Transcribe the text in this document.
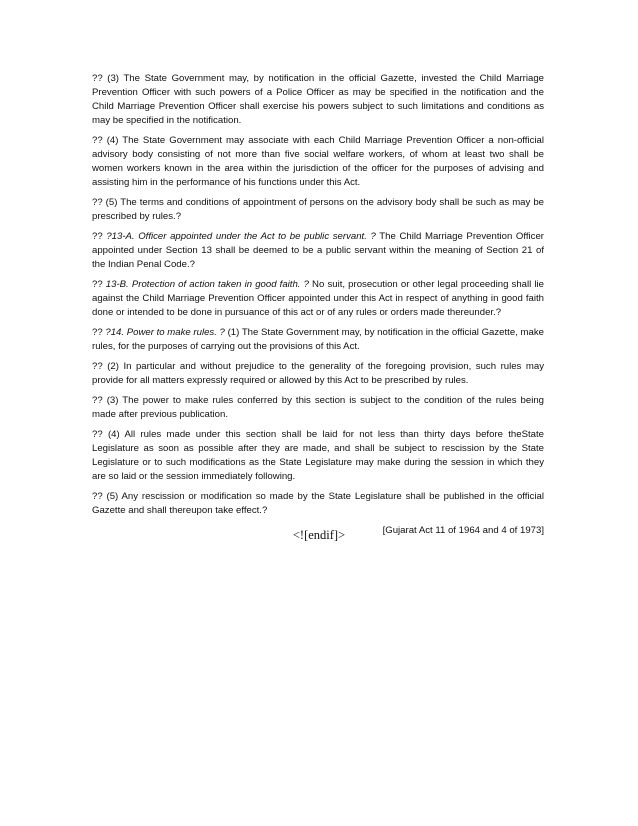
?? (3) The State Government may, by notification in the official Gazette, invested the Child Marriage Prevention Officer with such powers of a Police Officer as may be specified in the notification and the Child Marriage Prevention Officer shall exercise his powers subject to such limitations and conditions as may be specified in the notification.

?? (4) The State Government may associate with each Child Marriage Prevention Officer a non-official advisory body consisting of not more than five social welfare workers, of whom at least two shall be women workers known in the area within the jurisdiction of the officer for the purposes of advising and assisting him in the performance of his functions under this Act.

?? (5) The terms and conditions of appointment of persons on the advisory body shall be such as may be prescribed by rules.?

?? ?13-A. Officer appointed under the Act to be public servant. ? The Child Marriage Prevention Officer appointed under Section 13 shall be deemed to be a public servant within the meaning of Section 21 of the Indian Penal Code.?

?? 13-B. Protection of action taken in good faith. ? No suit, prosecution or other legal proceeding shall lie against the Child Marriage Prevention Officer appointed under this Act in respect of anything in good faith done or intended to be done in pursuance of this act or of any rules or orders made thereunder.?

?? ?14. Power to make rules. ? (1) The State Government may, by notification in the official Gazette, make rules, for the purposes of carrying out the provisions of this Act.

?? (2) In particular and without prejudice to the generality of the foregoing provision, such rules may provide for all matters expressly required or allowed by this Act to be prescribed by rules.

?? (3) The power to make rules conferred by this section is subject to the condition of the rules being made after previous publication.

?? (4) All rules made under this section shall be laid for not less than thirty days before theState Legislature as soon as possible after they are made, and shall be subject to rescission by the State Legislature or to such modifications as the State Legislature may make during the session in which they are so laid or the session immediately following.

?? (5) Any rescission or modification so made by the State Legislature shall be published in the official Gazette and shall thereupon take effect.?

[Gujarat Act 11 of 1964 and 4 of 1973]

<![endif]>
